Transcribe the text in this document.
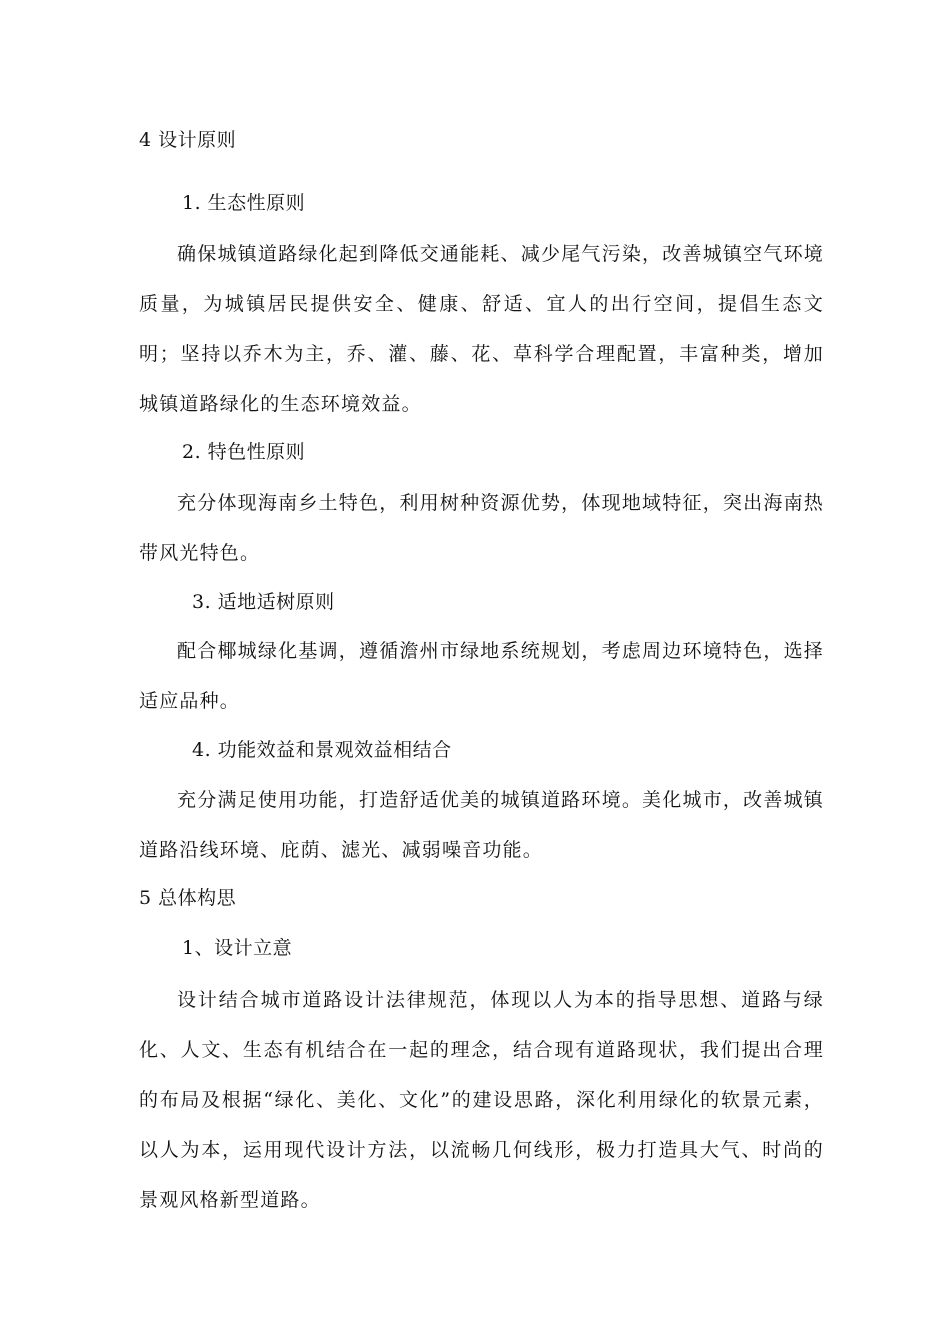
4 设计原则

1. 生态性原则

确保城镇道路绿化起到降低交通能耗、减少尾气污染，改善城镇空气环境质量，为城镇居民提供安全、健康、舒适、宜人的出行空间，提倡生态文明；坚持以乔木为主，乔、灌、藤、花、草科学合理配置，丰富种类，增加城镇道路绿化的生态环境效益。

2. 特色性原则

充分体现海南乡土特色，利用树种资源优势，体现地域特征，突出海南热带风光特色。

3. 适地适树原则

配合椰城绿化基调，遵循澹州市绿地系统规划，考虑周边环境特色，选择适应品种。

4. 功能效益和景观效益相结合

充分满足使用功能，打造舒适优美的城镇道路环境。美化城市，改善城镇道路沿线环境、庇荫、滤光、减弱噪音功能。

5 总体构思

1、设计立意

设计结合城市道路设计法律规范，体现以人为本的指导思想、道路与绿化、人文、生态有机结合在一起的理念，结合现有道路现状，我们提出合理的布局及根据“绿化、美化、文化”的建设思路，深化利用绿化的软景元素，以人为本，运用现代设计方法，以流畅几何线形，极力打造具大气、时尚的景观风格新型道路。
